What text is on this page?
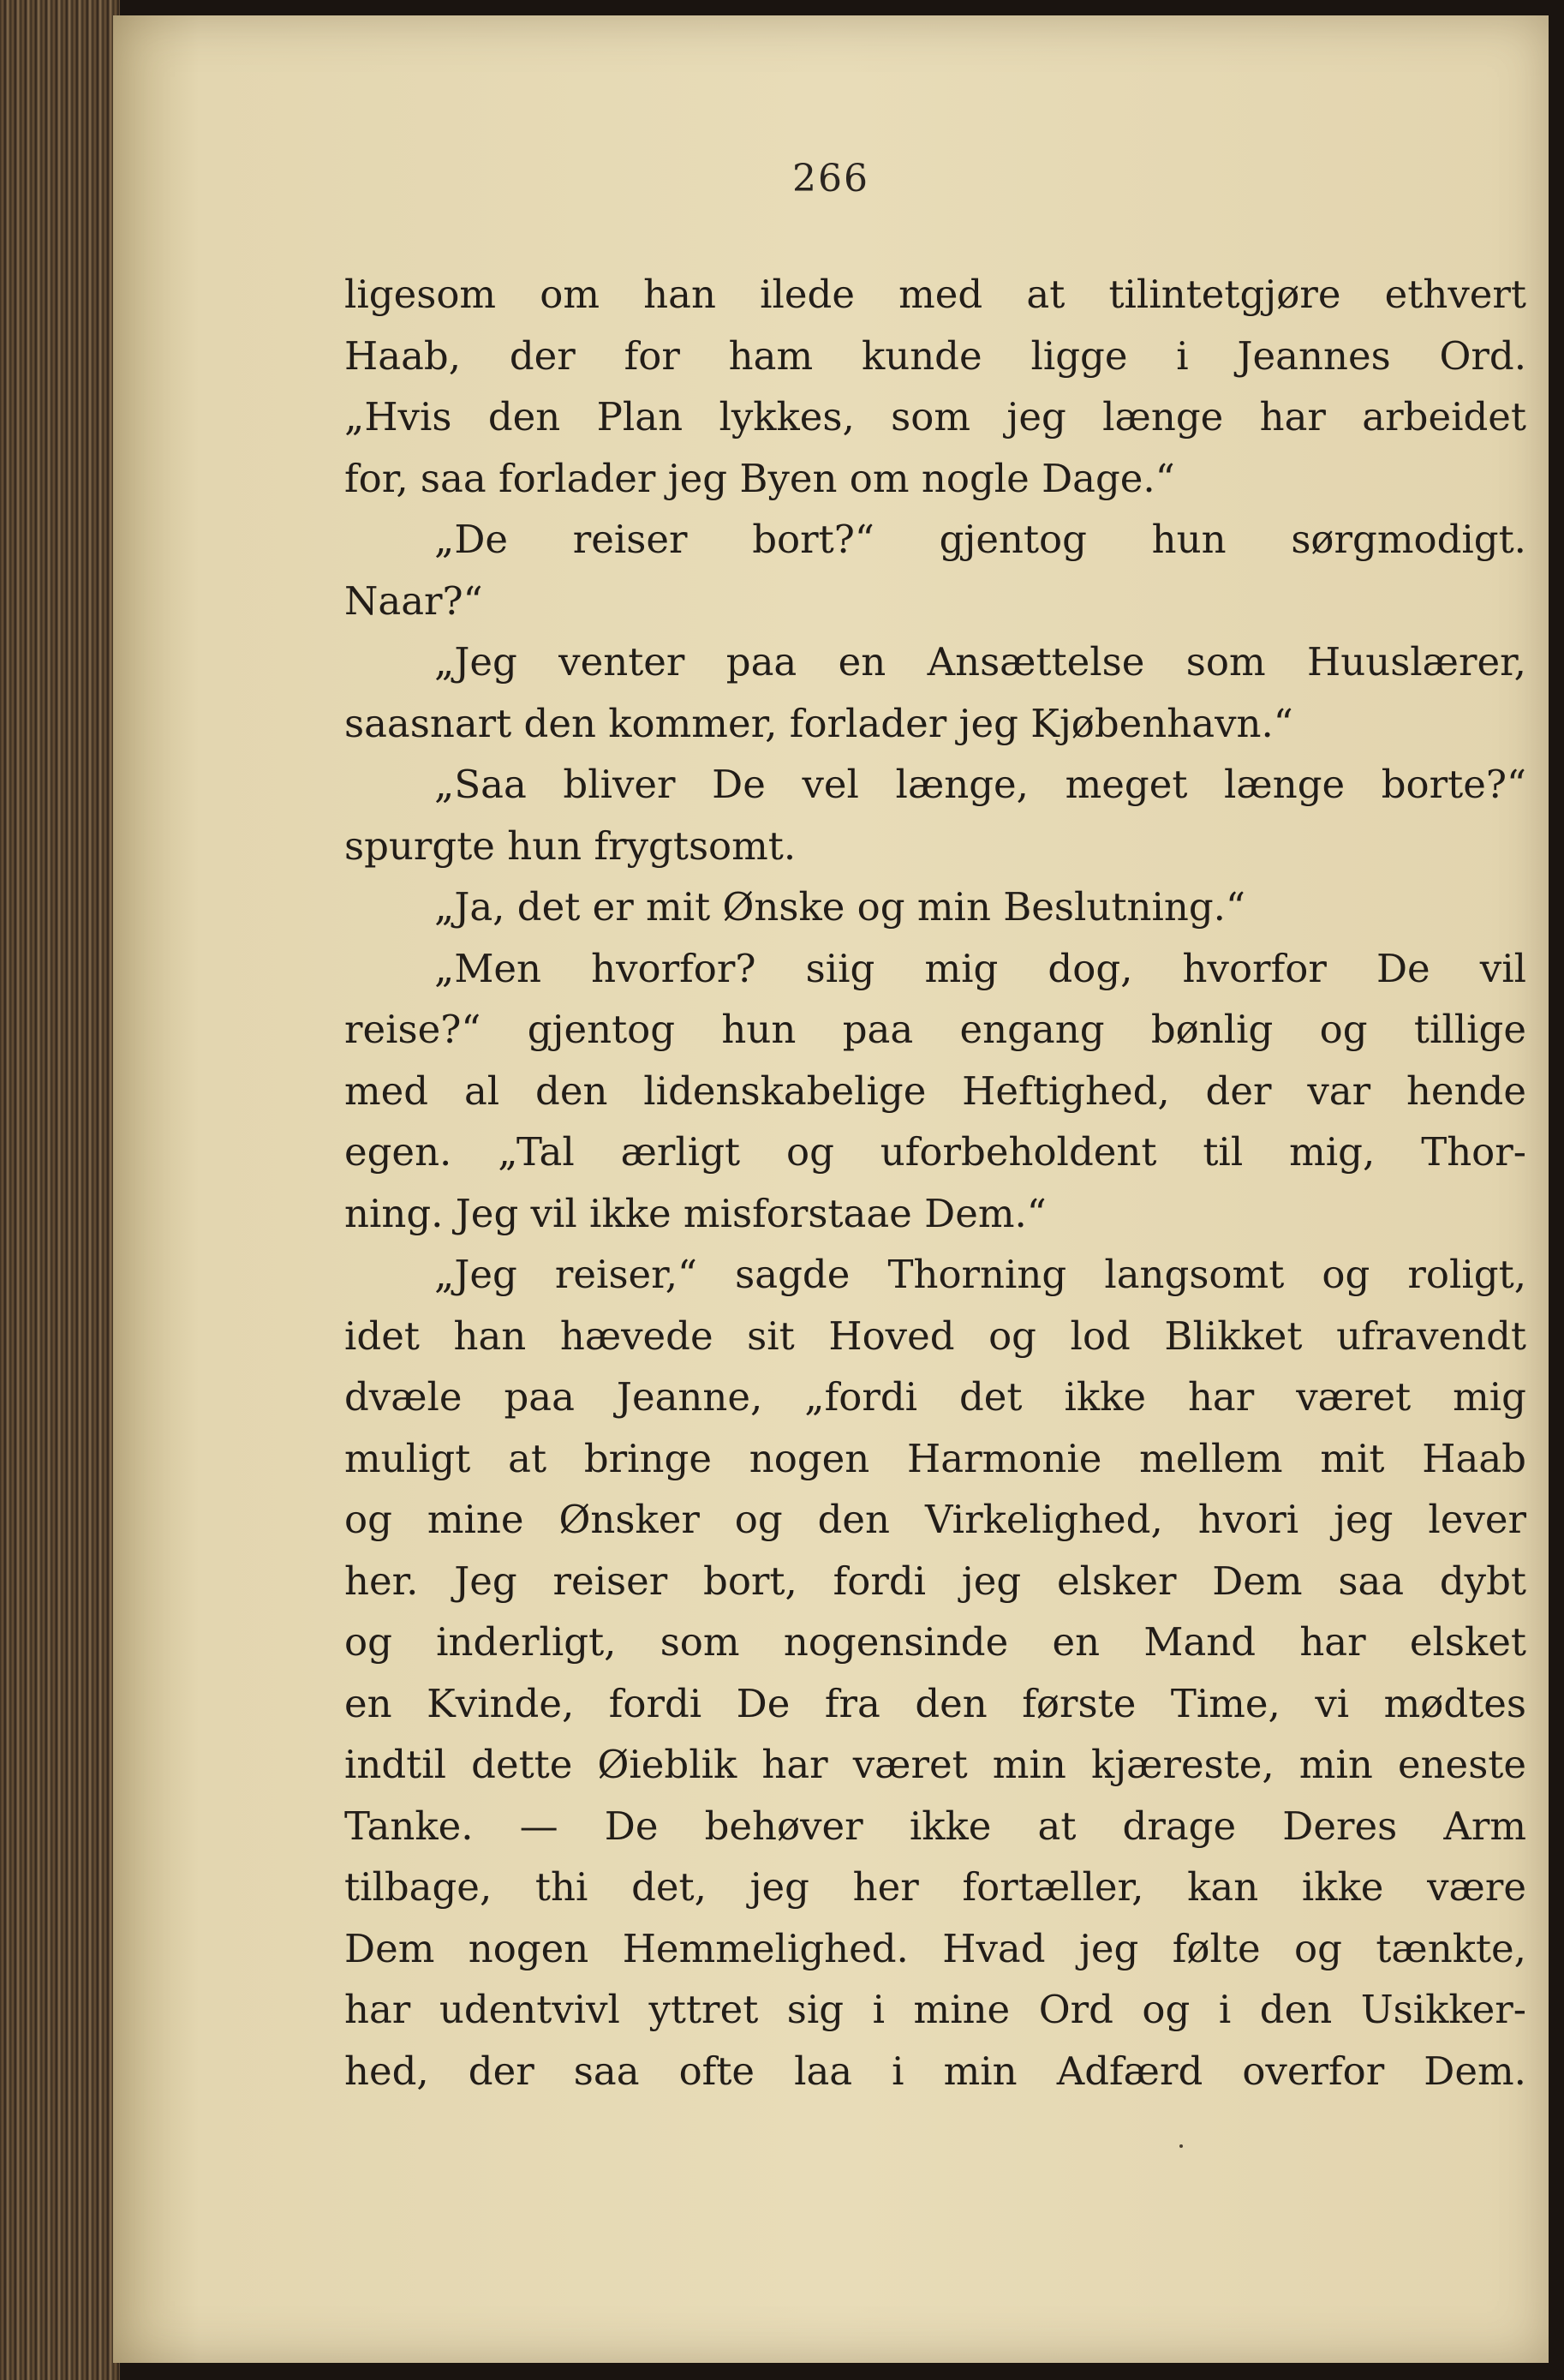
266
ligesom om han ilede med at tilintetgjøre ethvert
Haab, der for ham kunde ligge i Jeannes Ord.
„Hvis den Plan lykkes, som jeg længe har arbeidet
for, saa forlader jeg Byen om nogle Dage.“
„De reiser bort?“ gjentog hun sørgmodigt.
Naar?“
„Jeg venter paa en Ansættelse som Huuslærer,
saasnart den kommer, forlader jeg Kjøbenhavn.“
„Saa bliver De vel længe, meget længe borte?“
spurgte hun frygtsomt.
„Ja, det er mit Ønske og min Beslutning.“
„Men hvorfor? siig mig dog, hvorfor De vil
reise?“ gjentog hun paa engang bønlig og tillige
med al den lidenskabelige Heftighed, der var hende
egen. „Tal ærligt og uforbeholdent til mig, Thor-
ning. Jeg vil ikke misforstaae Dem.“
„Jeg reiser,“ sagde Thorning langsomt og roligt,
idet han hævede sit Hoved og lod Blikket ufravendt
dvæle paa Jeanne, „fordi det ikke har været mig
muligt at bringe nogen Harmonie mellem mit Haab
og mine Ønsker og den Virkelighed, hvori jeg lever
her. Jeg reiser bort, fordi jeg elsker Dem saa dybt
og inderligt, som nogensinde en Mand har elsket
en Kvinde, fordi De fra den første Time, vi mødtes
indtil dette Øieblik har været min kjæreste, min eneste
Tanke. — De behøver ikke at drage Deres Arm
tilbage, thi det, jeg her fortæller, kan ikke være
Dem nogen Hemmelighed. Hvad jeg følte og tænkte,
har udentvivl yttret sig i mine Ord og i den Usikker-
hed, der saa ofte laa i min Adfærd overfor Dem.
